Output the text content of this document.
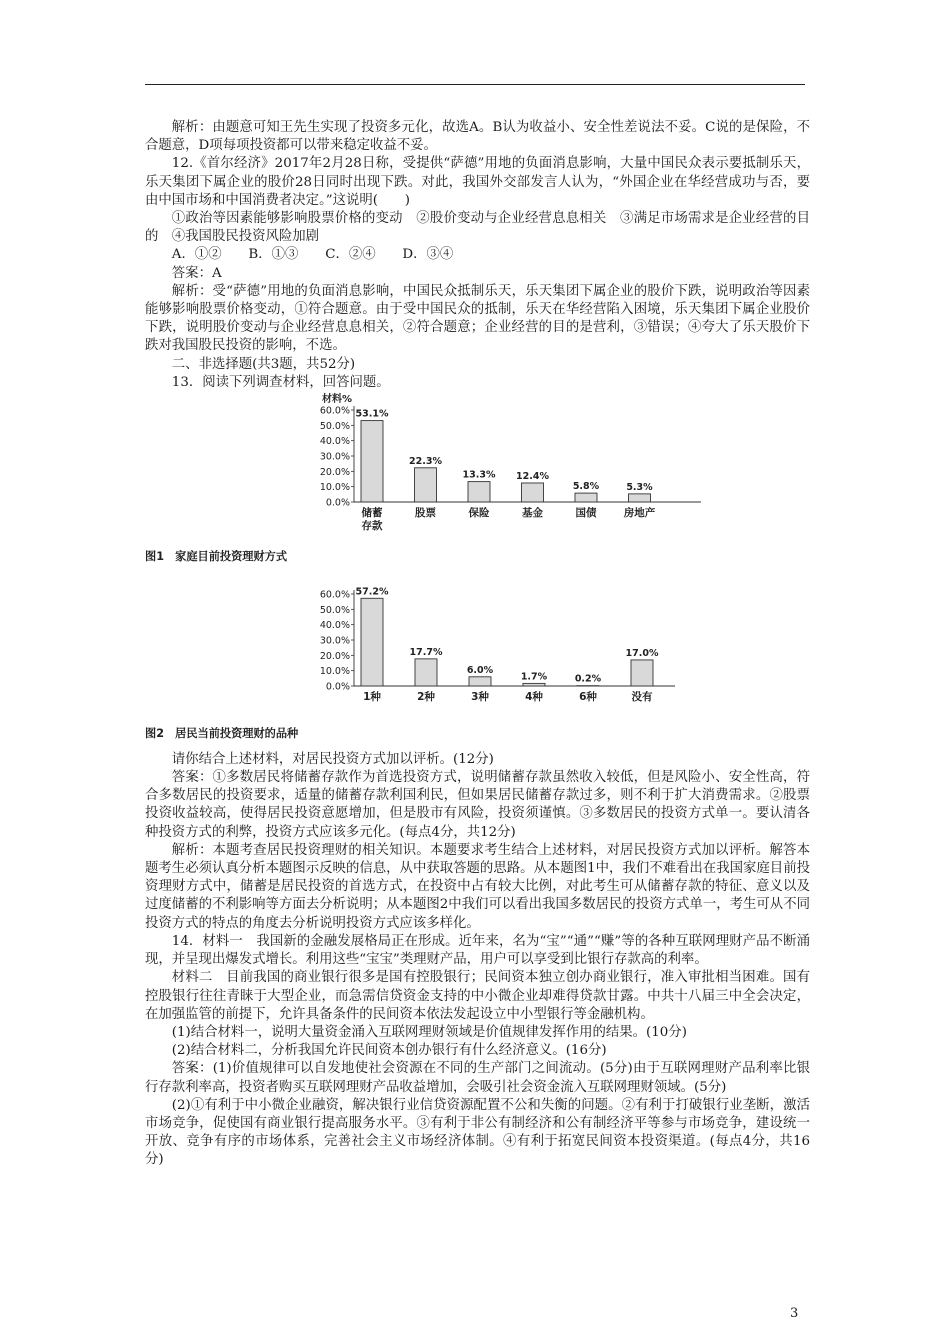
解析：由题意可知王先生实现了投资多元化，故选A。B认为收益小、安全性差说法不妥。C说的是保险，不合题意，D项每项投资都可以带来稳定收益不妥。

12.《首尔经济》2017年2月28日称，受提供“萨德”用地的负面消息影响，大量中国民众表示要抵制乐天，乐天集团下属企业的股价28日同时出现下跌。对此，我国外交部发言人认为，“外国企业在华经营成功与否，要由中国市场和中国消费者决定。”这说明(　　)

①政治等因素能够影响股票价格的变动　②股价变动与企业经营息息相关　③满足市场需求是企业经营的目的　④我国股民投资风险加剧

A．①②　　B．①③　　C．②④　　D．③④

答案：A

解析：受“萨德”用地的负面消息影响，中国民众抵制乐天，乐天集团下属企业的股价下跌，说明政治等因素能够影响股票价格变动，①符合题意。由于受中国民众的抵制，乐天在华经营陷入困境，乐天集团下属企业股价下跌，说明股价变动与企业经营息息相关，②符合题意；企业经营的目的是营利，③错误；④夸大了乐天股价下跌对我国股民投资的影响，不选。

二、非选择题(共3题，共52分)

13．阅读下列调查材料，回答问题。

0.0%
10.0%
20.0%
30.0%
40.0%
50.0%
60.0%
材料%
53.1%
储蓄
存款
22.3%
股票
13.3%
保险
12.4%
基金
5.8%
国债
5.3%
房地产

图1　家庭目前投资理财方式

0.0%
10.0%
20.0%
30.0%
40.0%
50.0%
60.0% 57.2%
1种
17.7%
2种
6.0%
3种
1.7%
4种
0.2%
6种
17.0%
没有

图2　居民当前投资理财的品种

请你结合上述材料，对居民投资方式加以评析。(12分)

答案：①多数居民将储蓄存款作为首选投资方式，说明储蓄存款虽然收入较低，但是风险小、安全性高，符合多数居民的投资要求，适量的储蓄存款利国利民，但如果居民储蓄存款过多，则不利于扩大消费需求。②股票投资收益较高，使得居民投资意愿增加，但是股市有风险，投资须谨慎。③多数居民的投资方式单一。要认清各种投资方式的利弊，投资方式应该多元化。(每点4分，共12分)

解析：本题考查居民投资理财的相关知识。本题要求考生结合上述材料，对居民投资方式加以评析。解答本题考生必须认真分析本题图示反映的信息，从中获取答题的思路。从本题图1中，我们不难看出在我国家庭目前投资理财方式中，储蓄是居民投资的首选方式，在投资中占有较大比例，对此考生可从储蓄存款的特征、意义以及过度储蓄的不利影响等方面去分析说明；从本题图2中我们可以看出我国多数居民的投资方式单一，考生可从不同投资方式的特点的角度去分析说明投资方式应该多样化。

14．材料一　我国新的金融发展格局正在形成。近年来，名为“宝”“通”“赚”等的各种互联网理财产品不断涌现，并呈现出爆发式增长。利用这些“宝宝”类理财产品，用户可以享受到比银行存款高的利率。

材料二　目前我国的商业银行很多是国有控股银行；民间资本独立创办商业银行，准入审批相当困难。国有控股银行往往青睐于大型企业，而急需信贷资金支持的中小微企业却难得贷款甘露。中共十八届三中全会决定，在加强监管的前提下，允许具备条件的民间资本依法发起设立中小型银行等金融机构。

(1)结合材料一，说明大量资金涌入互联网理财领域是价值规律发挥作用的结果。(10分)

(2)结合材料二，分析我国允许民间资本创办银行有什么经济意义。(16分)

答案：(1)价值规律可以自发地使社会资源在不同的生产部门之间流动。(5分)由于互联网理财产品利率比银行存款利率高，投资者购买互联网理财产品收益增加，会吸引社会资金流入互联网理财领域。(5分)

(2)①有利于中小微企业融资，解决银行业信贷资源配置不公和失衡的问题。②有利于打破银行业垄断，激活市场竞争，促使国有商业银行提高服务水平。③有利于非公有制经济和公有制经济平等参与市场竞争，建设统一开放、竞争有序的市场体系，完善社会主义市场经济体制。④有利于拓宽民间资本投资渠道。(每点4分，共16分)

3
